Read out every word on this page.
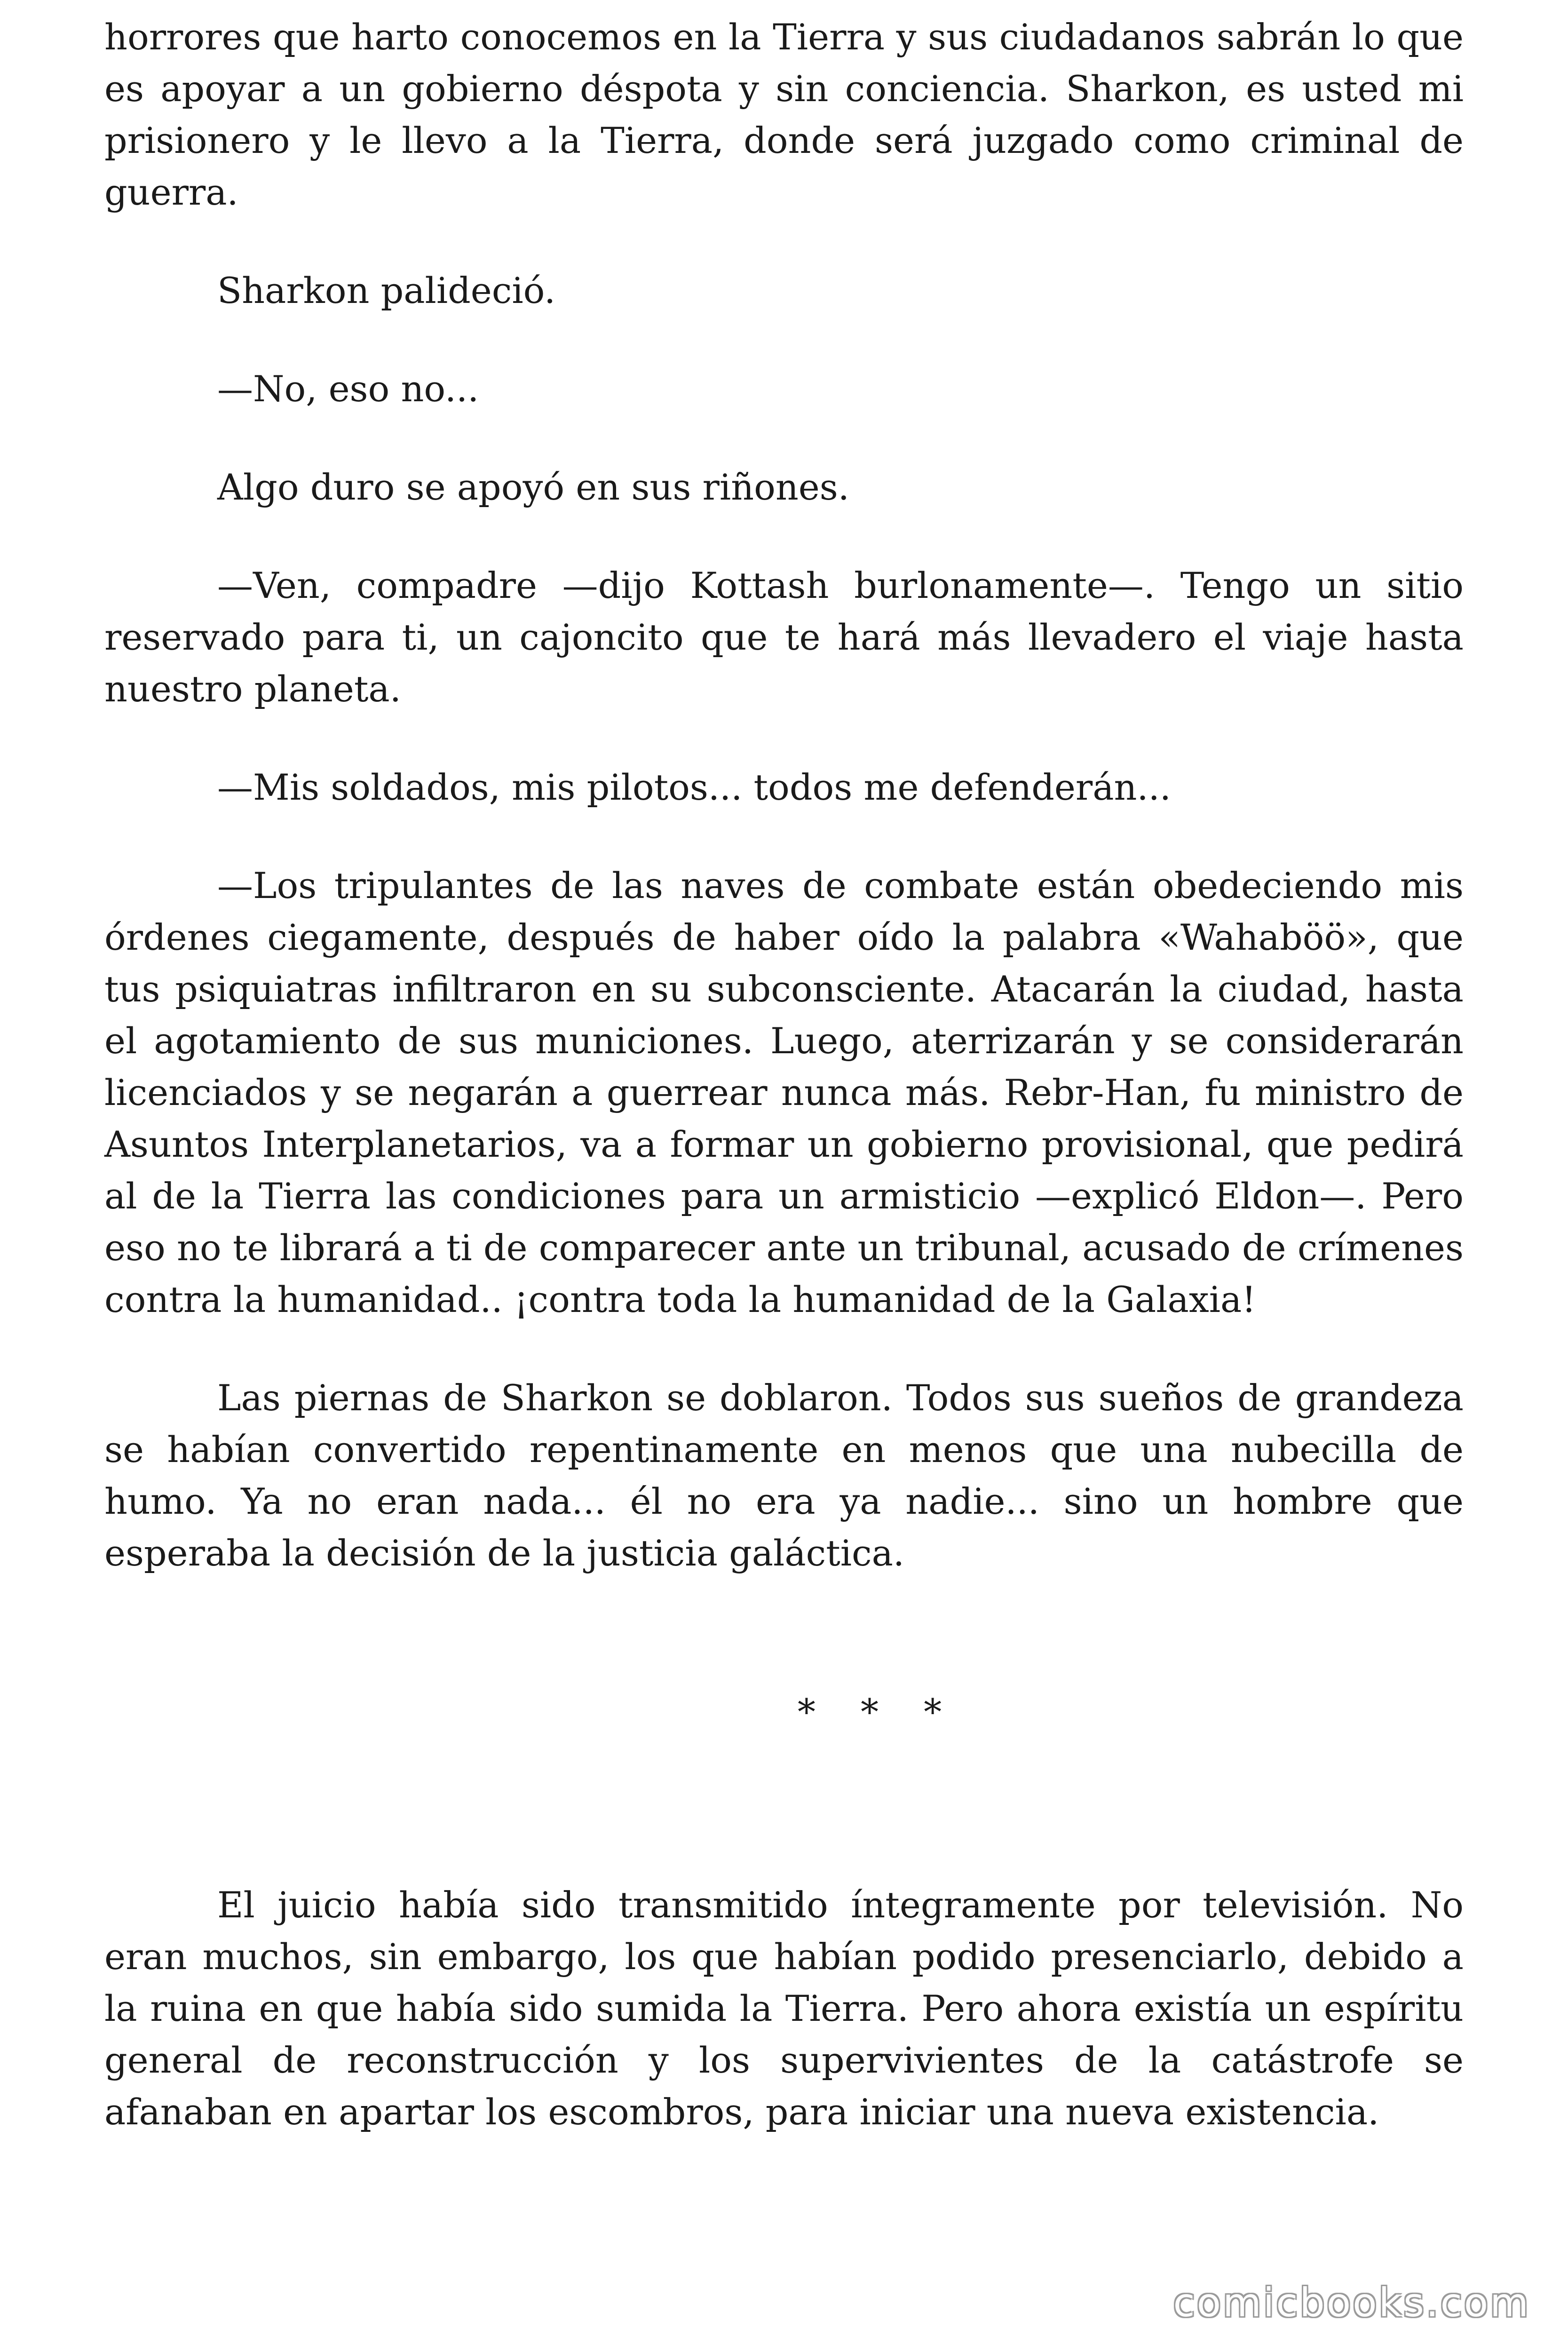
horrores que harto conocemos en la Tierra y sus ciudadanos sabrán lo que es apoyar a un gobierno déspota y sin conciencia. Sharkon, es usted mi prisionero y le llevo a la Tierra, donde será juzgado como criminal de guerra.

Sharkon palideció.

—No, eso no...

Algo duro se apoyó en sus riñones.

—Ven, compadre —dijo Kottash burlonamente—. Tengo un sitio reservado para ti, un cajoncito que te hará más llevadero el viaje hasta nuestro planeta.

—Mis soldados, mis pilotos... todos me defenderán...

—Los tripulantes de las naves de combate están obedeciendo mis órdenes ciegamente, después de haber oído la palabra «Wahaböö», que tus psiquiatras infiltraron en su subconsciente. Atacarán la ciudad, hasta el agotamiento de sus municiones. Luego, aterrizarán y se considerarán licenciados y se negarán a guerrear nunca más. Rebr-Han, fu ministro de Asuntos Interplanetarios, va a formar un gobierno provisional, que pedirá al de la Tierra las condiciones para un armisticio —explicó Eldon—. Pero eso no te librará a ti de comparecer ante un tribunal, acusado de crímenes contra la humanidad.. ¡contra toda la humanidad de la Galaxia!

Las piernas de Sharkon se doblaron. Todos sus sueños de grandeza se habían convertido repentinamente en menos que una nubecilla de humo. Ya no eran nada... él no era ya nadie... sino un hombre que esperaba la decisión de la justicia galáctica.

* * *

El juicio había sido transmitido íntegramente por televisión. No eran muchos, sin embargo, los que habían podido presenciarlo, debido a la ruina en que había sido sumida la Tierra. Pero ahora existía un espíritu general de reconstrucción y los supervivientes de la catástrofe se afanaban en apartar los escombros, para iniciar una nueva existencia.

comicbooks.com
